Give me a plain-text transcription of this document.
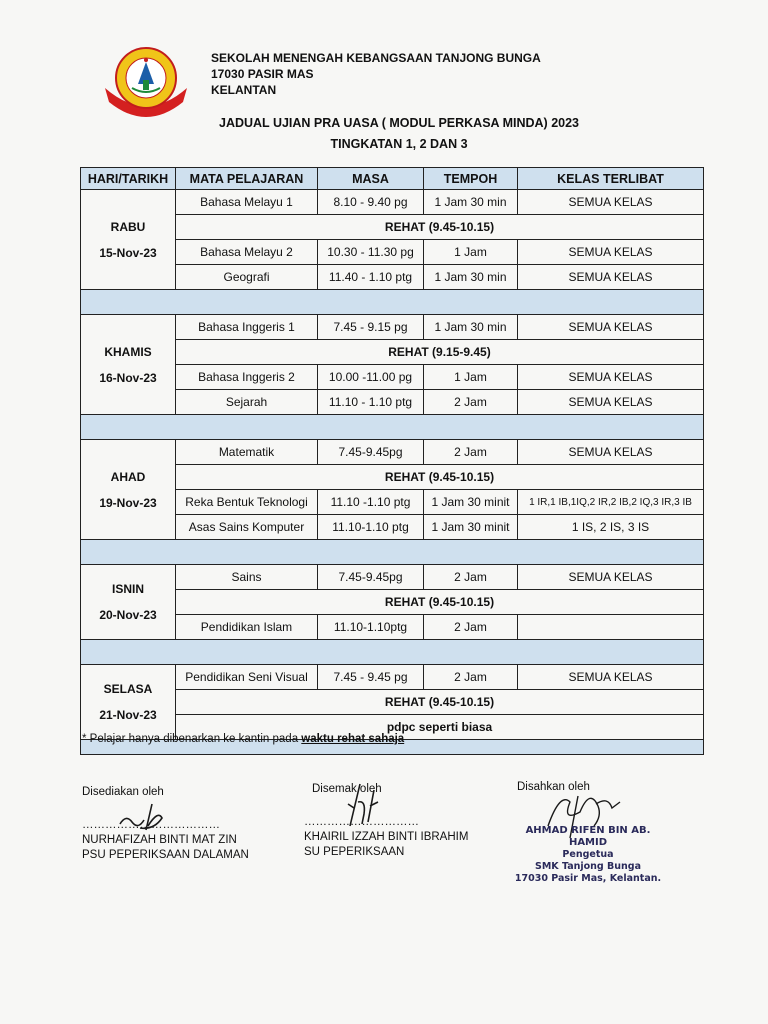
SEKOLAH MENENGAH KEBANGSAAN TANJONG BUNGA
17030 PASIR MAS
KELANTAN
JADUAL UJIAN PRA UASA ( MODUL PERKASA MINDA) 2023
TINGKATAN 1, 2 DAN 3
HARI/TARIKH	MATA PELAJARAN	MASA	TEMPOH	KELAS TERLIBAT

RABU
15-Nov-23	Bahasa Melayu 1	8.10 - 9.40 pg	1 Jam 30 min	SEMUA KELAS
	REHAT (9.45-10.15)			
	Bahasa Melayu 2	10.30 - 11.30 pg	1 Jam	SEMUA KELAS
	Geografi	11.40 - 1.10 ptg	1 Jam 30 min	SEMUA KELAS

KHAMIS
16-Nov-23	Bahasa Inggeris 1	7.45 - 9.15 pg	1 Jam 30 min	SEMUA KELAS
	REHAT (9.15-9.45)			
	Bahasa Inggeris 2	10.00 -11.00 pg	1 Jam	SEMUA KELAS
	Sejarah	11.10 - 1.10 ptg	2 Jam	SEMUA KELAS

AHAD
19-Nov-23	Matematik	7.45-9.45pg	2 Jam	SEMUA KELAS
	REHAT (9.45-10.15)			
	Reka Bentuk Teknologi	11.10 -1.10 ptg	1 Jam 30 minit	1 IR,1 IB,1IQ,2 IR,2 IB,2 IQ,3 IR,3 IB
	Asas Sains Komputer	11.10-1.10 ptg	1 Jam 30 minit	1 IS, 2 IS, 3 IS

ISNIN
20-Nov-23	Sains	7.45-9.45pg	2 Jam	SEMUA KELAS
	REHAT (9.45-10.15)			
	Pendidikan Islam	11.10-1.10ptg	2 Jam	

SELASA
21-Nov-23	Pendidikan Seni Visual	7.45 - 9.45 pg	2 Jam	SEMUA KELAS
	REHAT (9.45-10.15)			
	pdpc seperti biasa			

* Pelajar hanya dibenarkan ke kantin pada waktu rehat sahaja
Disediakan oleh
………………………………
NURHAFIZAH BINTI MAT ZIN
PSU PEPERIKSAAN DALAMAN
Disemak oleh
…………………………
KHAIRIL IZZAH BINTI IBRAHIM
SU PEPERIKSAAN
Disahkan oleh
AHMAD RIFEN BIN AB. HAMID
Pengetua
SMK Tanjong Bunga
17030 Pasir Mas, Kelantan.
